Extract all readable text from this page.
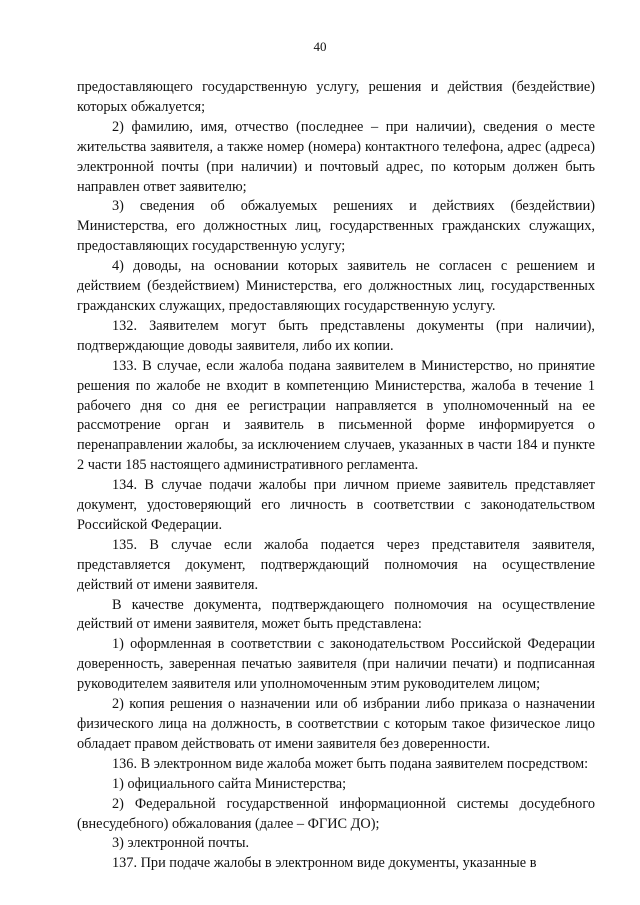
40

предоставляющего государственную услугу, решения и действия (бездействие) которых обжалуется;

2) фамилию, имя, отчество (последнее – при наличии), сведения о месте жительства заявителя, а также номер (номера) контактного телефона, адрес (адреса) электронной почты (при наличии) и почтовый адрес, по которым должен быть направлен ответ заявителю;

3) сведения об обжалуемых решениях и действиях (бездействии) Министерства, его должностных лиц, государственных гражданских служащих, предоставляющих государственную услугу;

4) доводы, на основании которых заявитель не согласен с решением и действием (бездействием) Министерства, его должностных лиц, государственных гражданских служащих, предоставляющих государственную услугу.

132. Заявителем могут быть представлены документы (при наличии), подтверждающие доводы заявителя, либо их копии.

133. В случае, если жалоба подана заявителем в Министерство, но принятие решения по жалобе не входит в компетенцию Министерства, жалоба в течение 1 рабочего дня со дня ее регистрации направляется в уполномоченный на ее рассмотрение орган и заявитель в письменной форме информируется о перенаправлении жалобы, за исключением случаев, указанных в части 184 и пункте 2 части 185 настоящего административного регламента.

134. В случае подачи жалобы при личном приеме заявитель представляет документ, удостоверяющий его личность в соответствии с законодательством Российской Федерации.

135. В случае если жалоба подается через представителя заявителя, представляется документ, подтверждающий полномочия на осуществление действий от имени заявителя.

В качестве документа, подтверждающего полномочия на осуществление действий от имени заявителя, может быть представлена:

1) оформленная в соответствии с законодательством Российской Федерации доверенность, заверенная печатью заявителя (при наличии печати) и подписанная руководителем заявителя или уполномоченным этим руководителем лицом;

2) копия решения о назначении или об избрании либо приказа о назначении физического лица на должность, в соответствии с которым такое физическое лицо обладает правом действовать от имени заявителя без доверенности.

136. В электронном виде жалоба может быть подана заявителем посредством:

1) официального сайта Министерства;

2) Федеральной государственной информационной системы досудебного (внесудебного) обжалования (далее – ФГИС ДО);

3) электронной почты.

137. При подаче жалобы в электронном виде документы, указанные в
